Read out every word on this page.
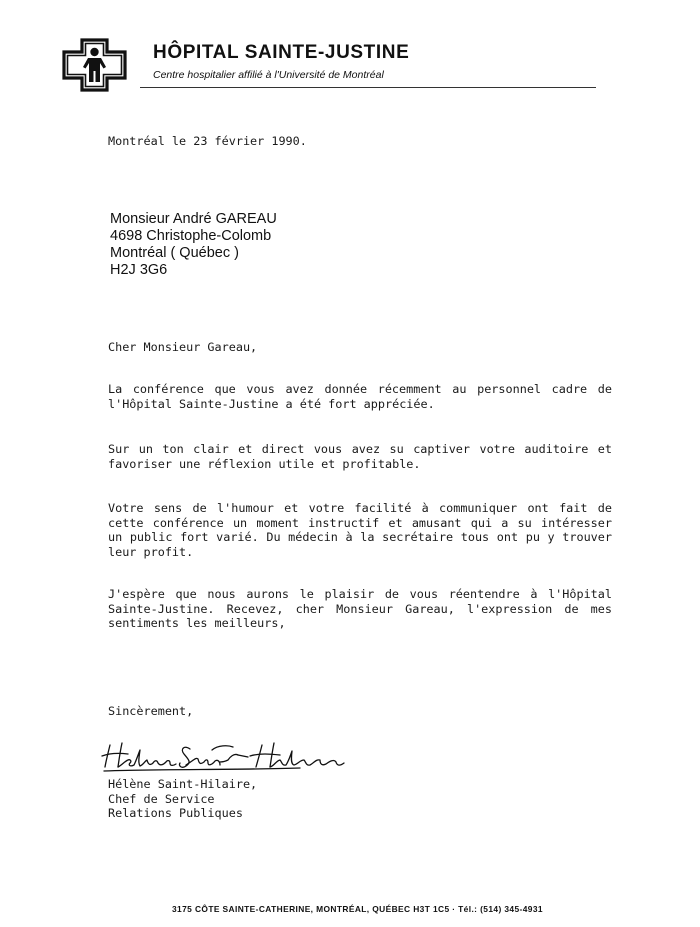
HÔPITAL SAINTE-JUSTINE
Centre hospitalier affilié à l'Université de Montréal
Montréal le 23 février 1990.
Monsieur André GAREAU
4698 Christophe-Colomb
Montréal ( Québec )
H2J 3G6
Cher Monsieur Gareau,
La conférence que vous avez donnée récemment au personnel cadre de l'Hôpital Sainte-Justine a été fort appréciée.
Sur un ton clair et direct vous avez su captiver votre auditoire et favoriser une réflexion utile et profitable.
Votre sens de l'humour et votre facilité à communiquer ont fait de cette conférence un moment instructif et amusant qui a su intéresser un public fort varié. Du médecin à la secrétaire tous ont pu y trouver leur profit.
J'espère que nous aurons le plaisir de vous réentendre à l'Hôpital Sainte-Justine. Recevez, cher Monsieur Gareau, l'expression de mes sentiments les meilleurs,
Sincèrement,
Hélène Saint-Hilaire,
Chef de Service
Relations Publiques
3175 CÔTE SAINTE-CATHERINE, MONTRÉAL, QUÉBEC H3T 1C5 · Tél.: (514) 345-4931
